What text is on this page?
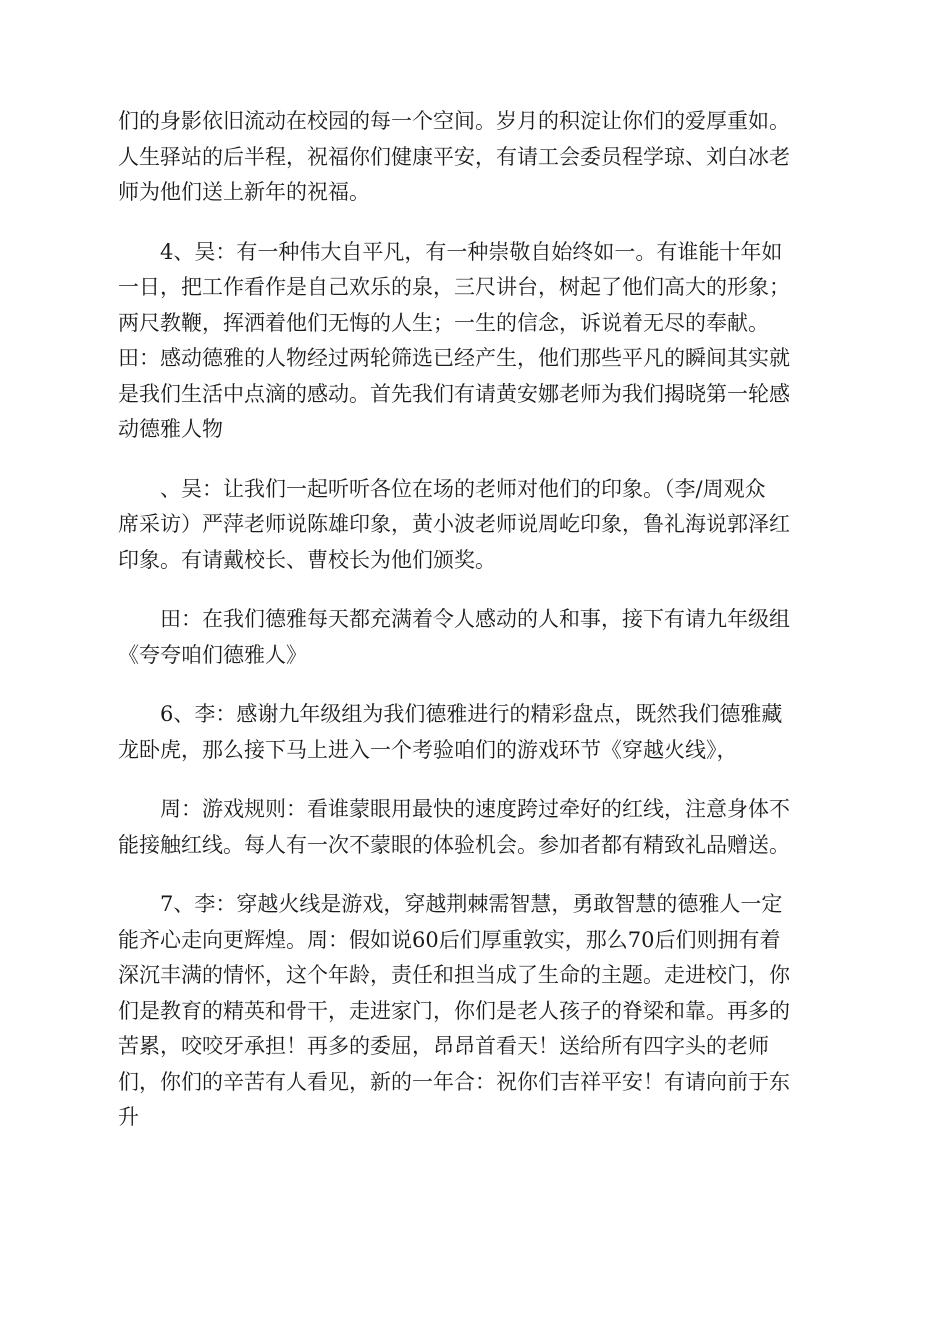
们的身影依旧流动在校园的每一个空间。岁月的积淀让你们的爱厚重如。
人生驿站的后半程，祝福你们健康平安，有请工会委员程学琼、刘白冰老
师为他们送上新年的祝福。

4、吴：有一种伟大自平凡，有一种崇敬自始终如一。有谁能十年如
一日，把工作看作是自己欢乐的泉，三尺讲台，树起了他们高大的形象；
两尺教鞭，挥洒着他们无悔的人生；一生的信念，诉说着无尽的奉献。
田：感动德雅的人物经过两轮筛选已经产生，他们那些平凡的瞬间其实就
是我们生活中点滴的感动。首先我们有请黄安娜老师为我们揭晓第一轮感
动德雅人物

、吴：让我们一起听听各位在场的老师对他们的印象。（李/周观众
席采访）严萍老师说陈雄印象，黄小波老师说周屹印象，鲁礼海说郭泽红
印象。有请戴校长、曹校长为他们颁奖。

田：在我们德雅每天都充满着令人感动的人和事，接下有请九年级组
《夸夸咱们德雅人》

6、李：感谢九年级组为我们德雅进行的精彩盘点，既然我们德雅藏
龙卧虎，那么接下马上进入一个考验咱们的游戏环节《穿越火线》，

周：游戏规则：看谁蒙眼用最快的速度跨过牵好的红线，注意身体不
能接触红线。每人有一次不蒙眼的体验机会。参加者都有精致礼品赠送。

7、李：穿越火线是游戏，穿越荆棘需智慧，勇敢智慧的德雅人一定
能齐心走向更辉煌。周：假如说60后们厚重敦实，那么70后们则拥有着
深沉丰满的情怀，这个年龄，责任和担当成了生命的主题。走进校门，你
们是教育的精英和骨干，走进家门，你们是老人孩子的脊梁和靠。再多的
苦累，咬咬牙承担！再多的委屈，昂昂首看天！送给所有四字头的老师
们，你们的辛苦有人看见，新的一年合：祝你们吉祥平安！有请向前于东
升
